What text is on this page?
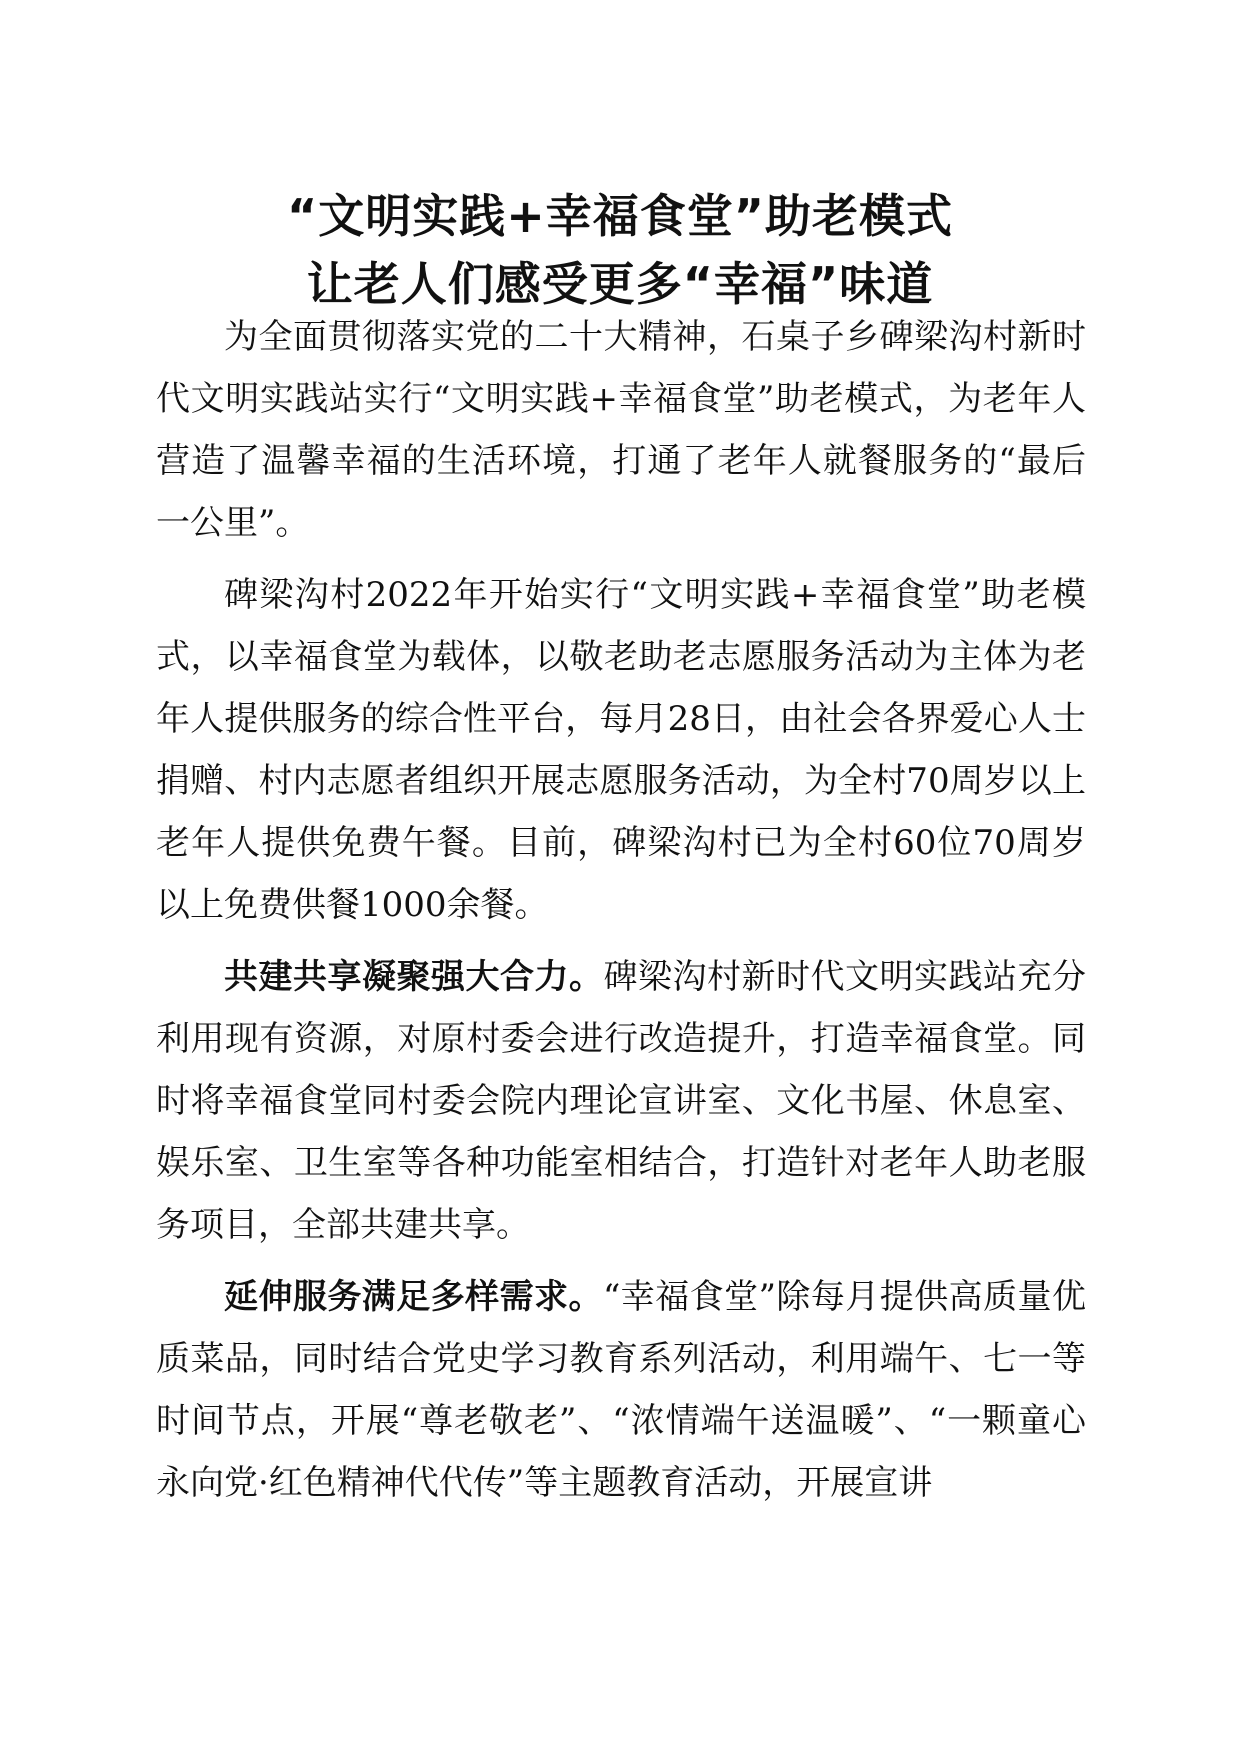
“文明实践+幸福食堂”助老模式
让老人们感受更多“幸福”味道

为全面贯彻落实党的二十大精神，石桌子乡碑梁沟村新时代文明实践站实行“文明实践+幸福食堂”助老模式，为老年人营造了温馨幸福的生活环境，打通了老年人就餐服务的“最后一公里”。

碑梁沟村2022年开始实行“文明实践+幸福食堂”助老模式，以幸福食堂为载体，以敬老助老志愿服务活动为主体为老年人提供服务的综合性平台，每月28日，由社会各界爱心人士捐赠、村内志愿者组织开展志愿服务活动，为全村70周岁以上老年人提供免费午餐。目前，碑梁沟村已为全村60位70周岁以上免费供餐1000余餐。

共建共享凝聚强大合力。碑梁沟村新时代文明实践站充分利用现有资源，对原村委会进行改造提升，打造幸福食堂。同时将幸福食堂同村委会院内理论宣讲室、文化书屋、休息室、娱乐室、卫生室等各种功能室相结合，打造针对老年人助老服务项目，全部共建共享。

延伸服务满足多样需求。“幸福食堂”除每月提供高质量优质菜品，同时结合党史学习教育系列活动，利用端午、七一等时间节点，开展“尊老敬老”、“浓情端午送温暖”、“一颗童心永向党·红色精神代代传”等主题教育活动，开展宣讲
